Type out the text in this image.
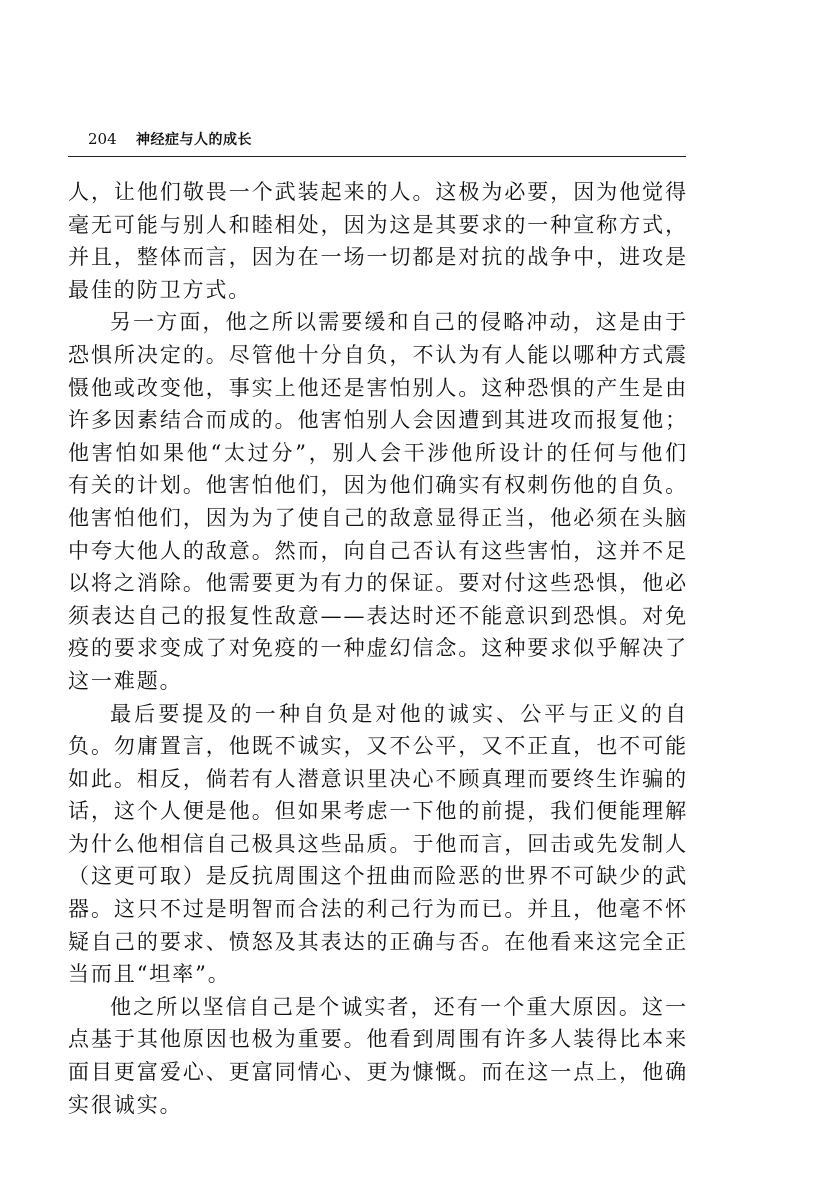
204 神经症与人的成长

人，让他们敬畏一个武装起来的人。这极为必要，因为他觉得毫无可能与别人和睦相处，因为这是其要求的一种宣称方式，并且，整体而言，因为在一场一切都是对抗的战争中，进攻是最佳的防卫方式。

另一方面，他之所以需要缓和自己的侵略冲动，这是由于恐惧所决定的。尽管他十分自负，不认为有人能以哪种方式震慑他或改变他，事实上他还是害怕别人。这种恐惧的产生是由许多因素结合而成的。他害怕别人会因遭到其进攻而报复他；他害怕如果他“太过分”，别人会干涉他所设计的任何与他们有关的计划。他害怕他们，因为他们确实有权刺伤他的自负。他害怕他们，因为为了使自己的敌意显得正当，他必须在头脑中夸大他人的敌意。然而，向自己否认有这些害怕，这并不足以将之消除。他需要更为有力的保证。要对付这些恐惧，他必须表达自己的报复性敌意——表达时还不能意识到恐惧。对免疫的要求变成了对免疫的一种虚幻信念。这种要求似乎解决了这一难题。

最后要提及的一种自负是对他的诚实、公平与正义的自负。勿庸置言，他既不诚实，又不公平，又不正直，也不可能如此。相反，倘若有人潜意识里决心不顾真理而要终生诈骗的话，这个人便是他。但如果考虑一下他的前提，我们便能理解为什么他相信自己极具这些品质。于他而言，回击或先发制人（这更可取）是反抗周围这个扭曲而险恶的世界不可缺少的武器。这只不过是明智而合法的利己行为而已。并且，他毫不怀疑自己的要求、愤怒及其表达的正确与否。在他看来这完全正当而且“坦率”。

他之所以坚信自己是个诚实者，还有一个重大原因。这一点基于其他原因也极为重要。他看到周围有许多人装得比本来面目更富爱心、更富同情心、更为慷慨。而在这一点上，他确实很诚实。
